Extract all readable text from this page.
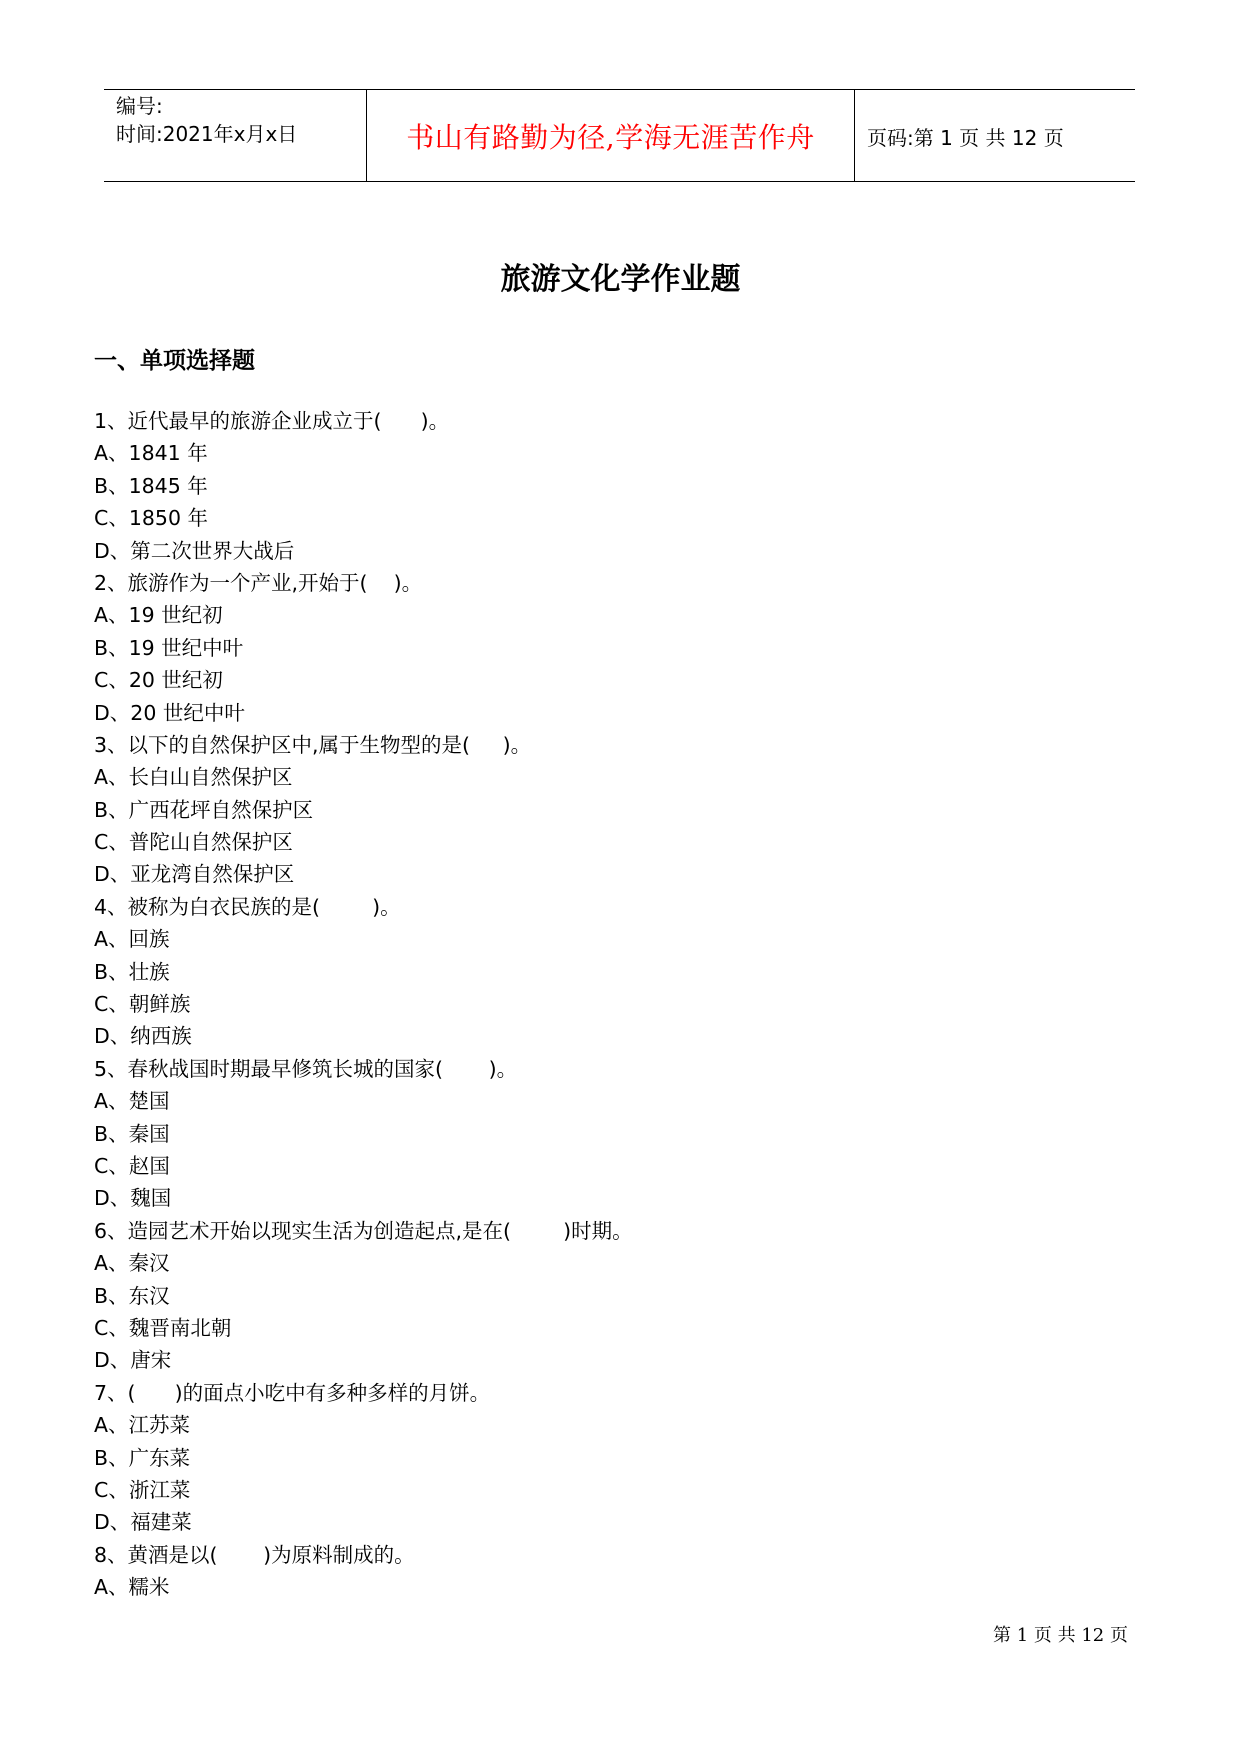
编号:
时间:2021年x月x日	书山有路勤为径,学海无涯苦作舟	页码:第 1 页 共 12 页
旅游文化学作业题
一、单项选择题
1、近代最早的旅游企业成立于(      )。
A、1841 年
B、1845 年
C、1850 年
D、第二次世界大战后
2、旅游作为一个产业,开始于(    )。
A、19 世纪初
B、19 世纪中叶
C、20 世纪初
D、20 世纪中叶
3、以下的自然保护区中,属于生物型的是(     )。
A、长白山自然保护区
B、广西花坪自然保护区
C、普陀山自然保护区
D、亚龙湾自然保护区
4、被称为白衣民族的是(        )。
A、回族
B、壮族
C、朝鲜族
D、纳西族
5、春秋战国时期最早修筑长城的国家(       )。
A、楚国
B、秦国
C、赵国
D、魏国
6、造园艺术开始以现实生活为创造起点,是在(        )时期。
A、秦汉
B、东汉
C、魏晋南北朝
D、唐宋
7、(      )的面点小吃中有多种多样的月饼。
A、江苏菜
B、广东菜
C、浙江菜
D、福建菜
8、黄酒是以(       )为原料制成的。
A、糯米
第 1 页 共 12 页
